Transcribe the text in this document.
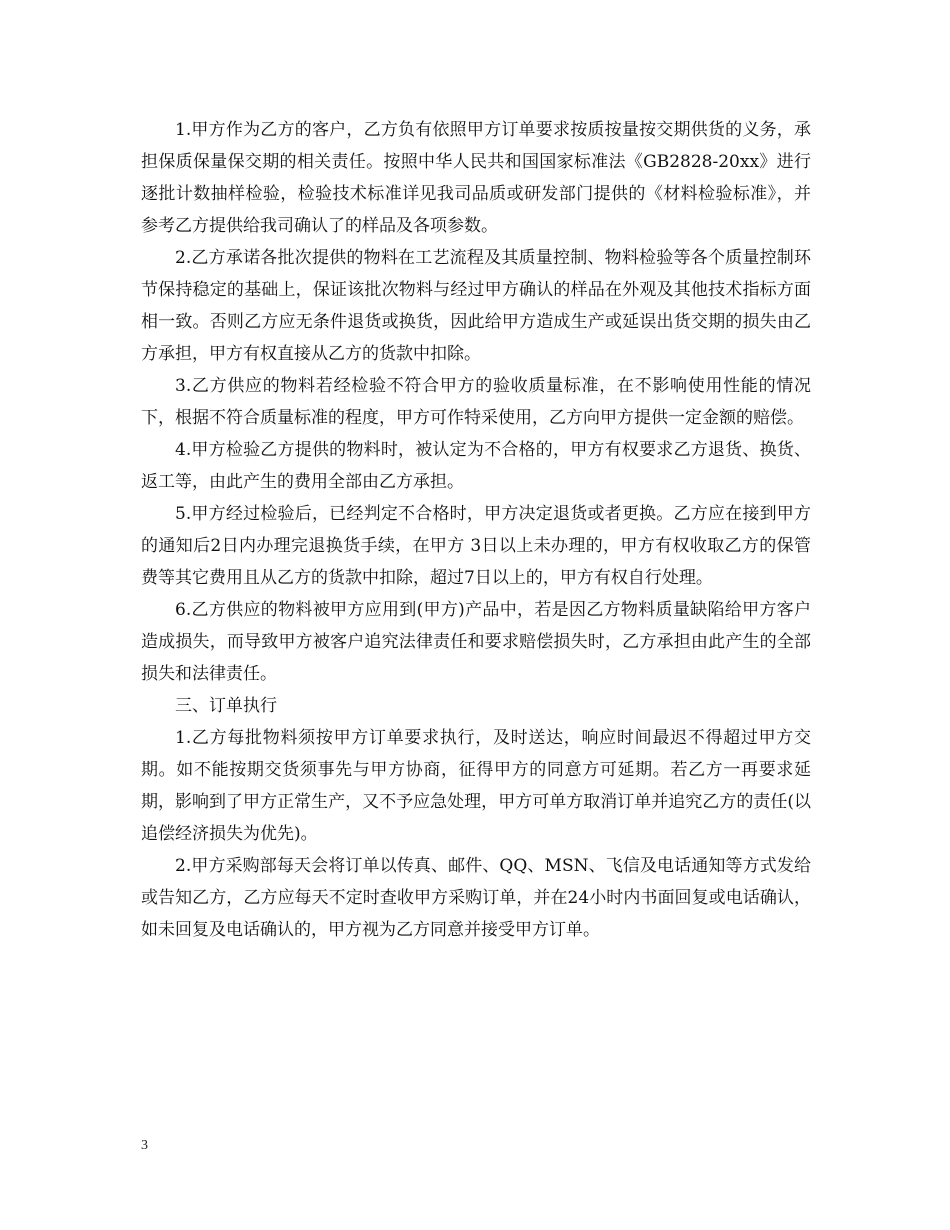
1.甲方作为乙方的客户，乙方负有依照甲方订单要求按质按量按交期供货的义务，承担保质保量保交期的相关责任。按照中华人民共和国国家标准法《GB2828-20xx》进行逐批计数抽样检验，检验技术标准详见我司品质或研发部门提供的《材料检验标准》，并参考乙方提供给我司确认了的样品及各项参数。

2.乙方承诺各批次提供的物料在工艺流程及其质量控制、物料检验等各个质量控制环节保持稳定的基础上，保证该批次物料与经过甲方确认的样品在外观及其他技术指标方面相一致。否则乙方应无条件退货或换货，因此给甲方造成生产或延误出货交期的损失由乙方承担，甲方有权直接从乙方的货款中扣除。

3.乙方供应的物料若经检验不符合甲方的验收质量标准，在不影响使用性能的情况下，根据不符合质量标准的程度，甲方可作特采使用，乙方向甲方提供一定金额的赔偿。

4.甲方检验乙方提供的物料时，被认定为不合格的，甲方有权要求乙方退货、换货、返工等，由此产生的费用全部由乙方承担。

5.甲方经过检验后，已经判定不合格时，甲方决定退货或者更换。乙方应在接到甲方的通知后2日内办理完退换货手续，在甲方 3日以上未办理的，甲方有权收取乙方的保管费等其它费用且从乙方的货款中扣除，超过7日以上的，甲方有权自行处理。

6.乙方供应的物料被甲方应用到(甲方)产品中，若是因乙方物料质量缺陷给甲方客户造成损失，而导致甲方被客户追究法律责任和要求赔偿损失时，乙方承担由此产生的全部损失和法律责任。

三、订单执行

1.乙方每批物料须按甲方订单要求执行，及时送达，响应时间最迟不得超过甲方交期。如不能按期交货须事先与甲方协商，征得甲方的同意方可延期。若乙方一再要求延期，影响到了甲方正常生产，又不予应急处理，甲方可单方取消订单并追究乙方的责任(以追偿经济损失为优先)。

2.甲方采购部每天会将订单以传真、邮件、QQ、MSN、飞信及电话通知等方式发给或告知乙方，乙方应每天不定时查收甲方采购订单，并在24小时内书面回复或电话确认，如未回复及电话确认的，甲方视为乙方同意并接受甲方订单。

3
